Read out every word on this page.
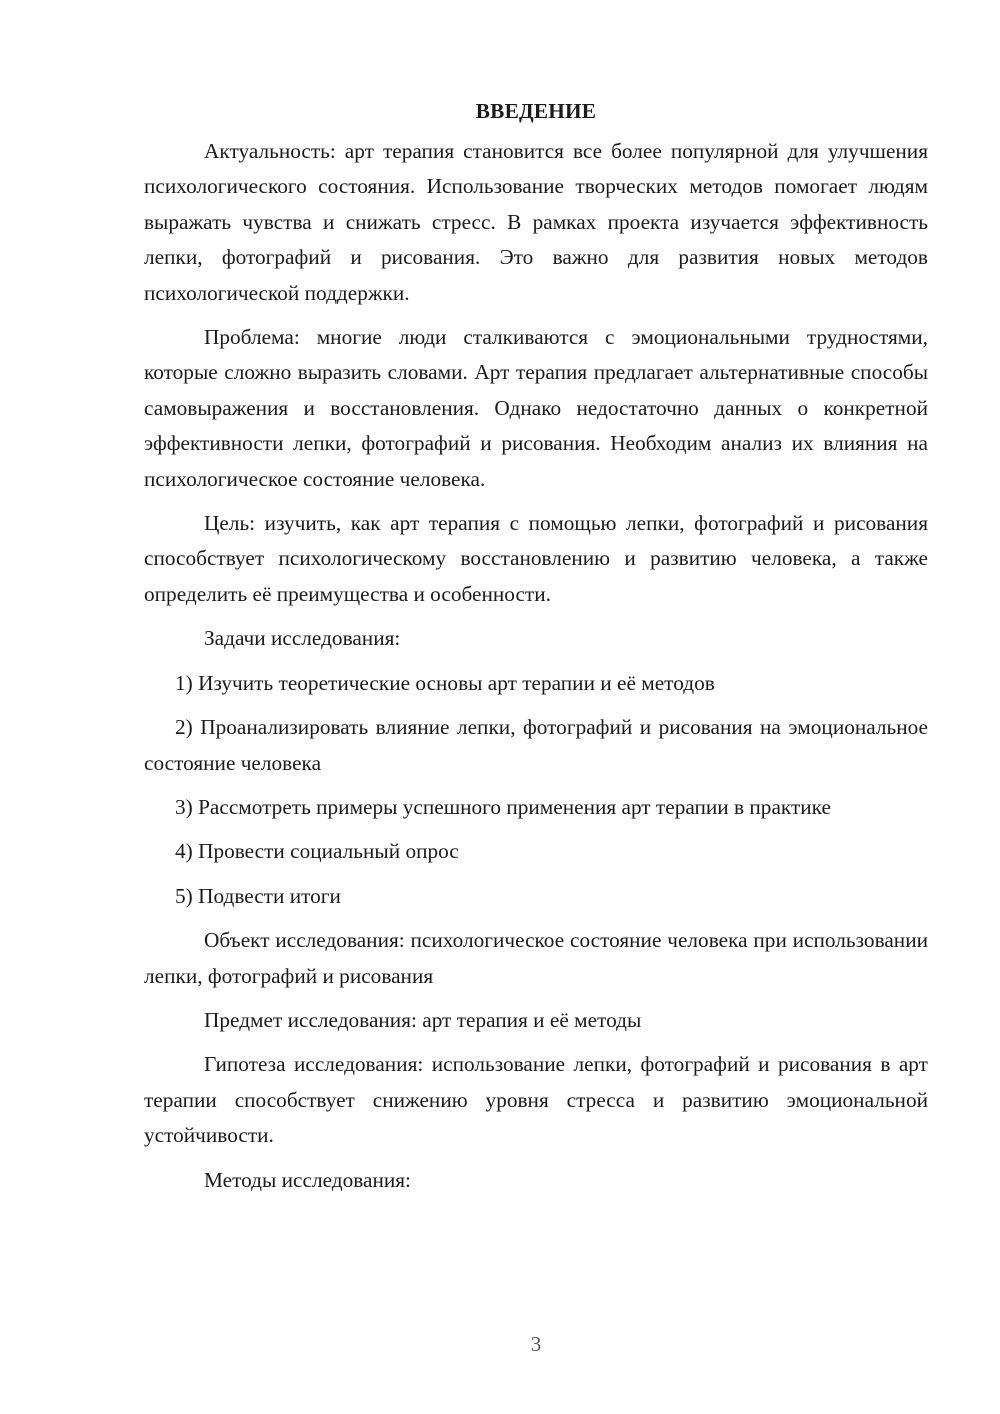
ВВЕДЕНИЕ

Актуальность: арт терапия становится все более популярной для улучшения психологического состояния. Использование творческих методов помогает людям выражать чувства и снижать стресс. В рамках проекта изучается эффективность лепки, фотографий и рисования. Это важно для развития новых методов психологической поддержки.

Проблема: многие люди сталкиваются с эмоциональными трудностями, которые сложно выразить словами. Арт терапия предлагает альтернативные способы самовыражения и восстановления. Однако недостаточно данных о конкретной эффективности лепки, фотографий и рисования. Необходим анализ их влияния на психологическое состояние человека.

Цель: изучить, как арт терапия с помощью лепки, фотографий и рисования способствует психологическому восстановлению и развитию человека, а также определить её преимущества и особенности.

Задачи исследования:

1) Изучить теоретические основы арт терапии и её методов

2) Проанализировать влияние лепки, фотографий и рисования на эмоциональное состояние человека

3) Рассмотреть примеры успешного применения арт терапии в практике

4) Провести социальный опрос

5) Подвести итоги

Объект исследования: психологическое состояние человека при использовании лепки, фотографий и рисования

Предмет исследования: арт терапия и её методы

Гипотеза исследования: использование лепки, фотографий и рисования в арт терапии способствует снижению уровня стресса и развитию эмоциональной устойчивости.

Методы исследования:

3
